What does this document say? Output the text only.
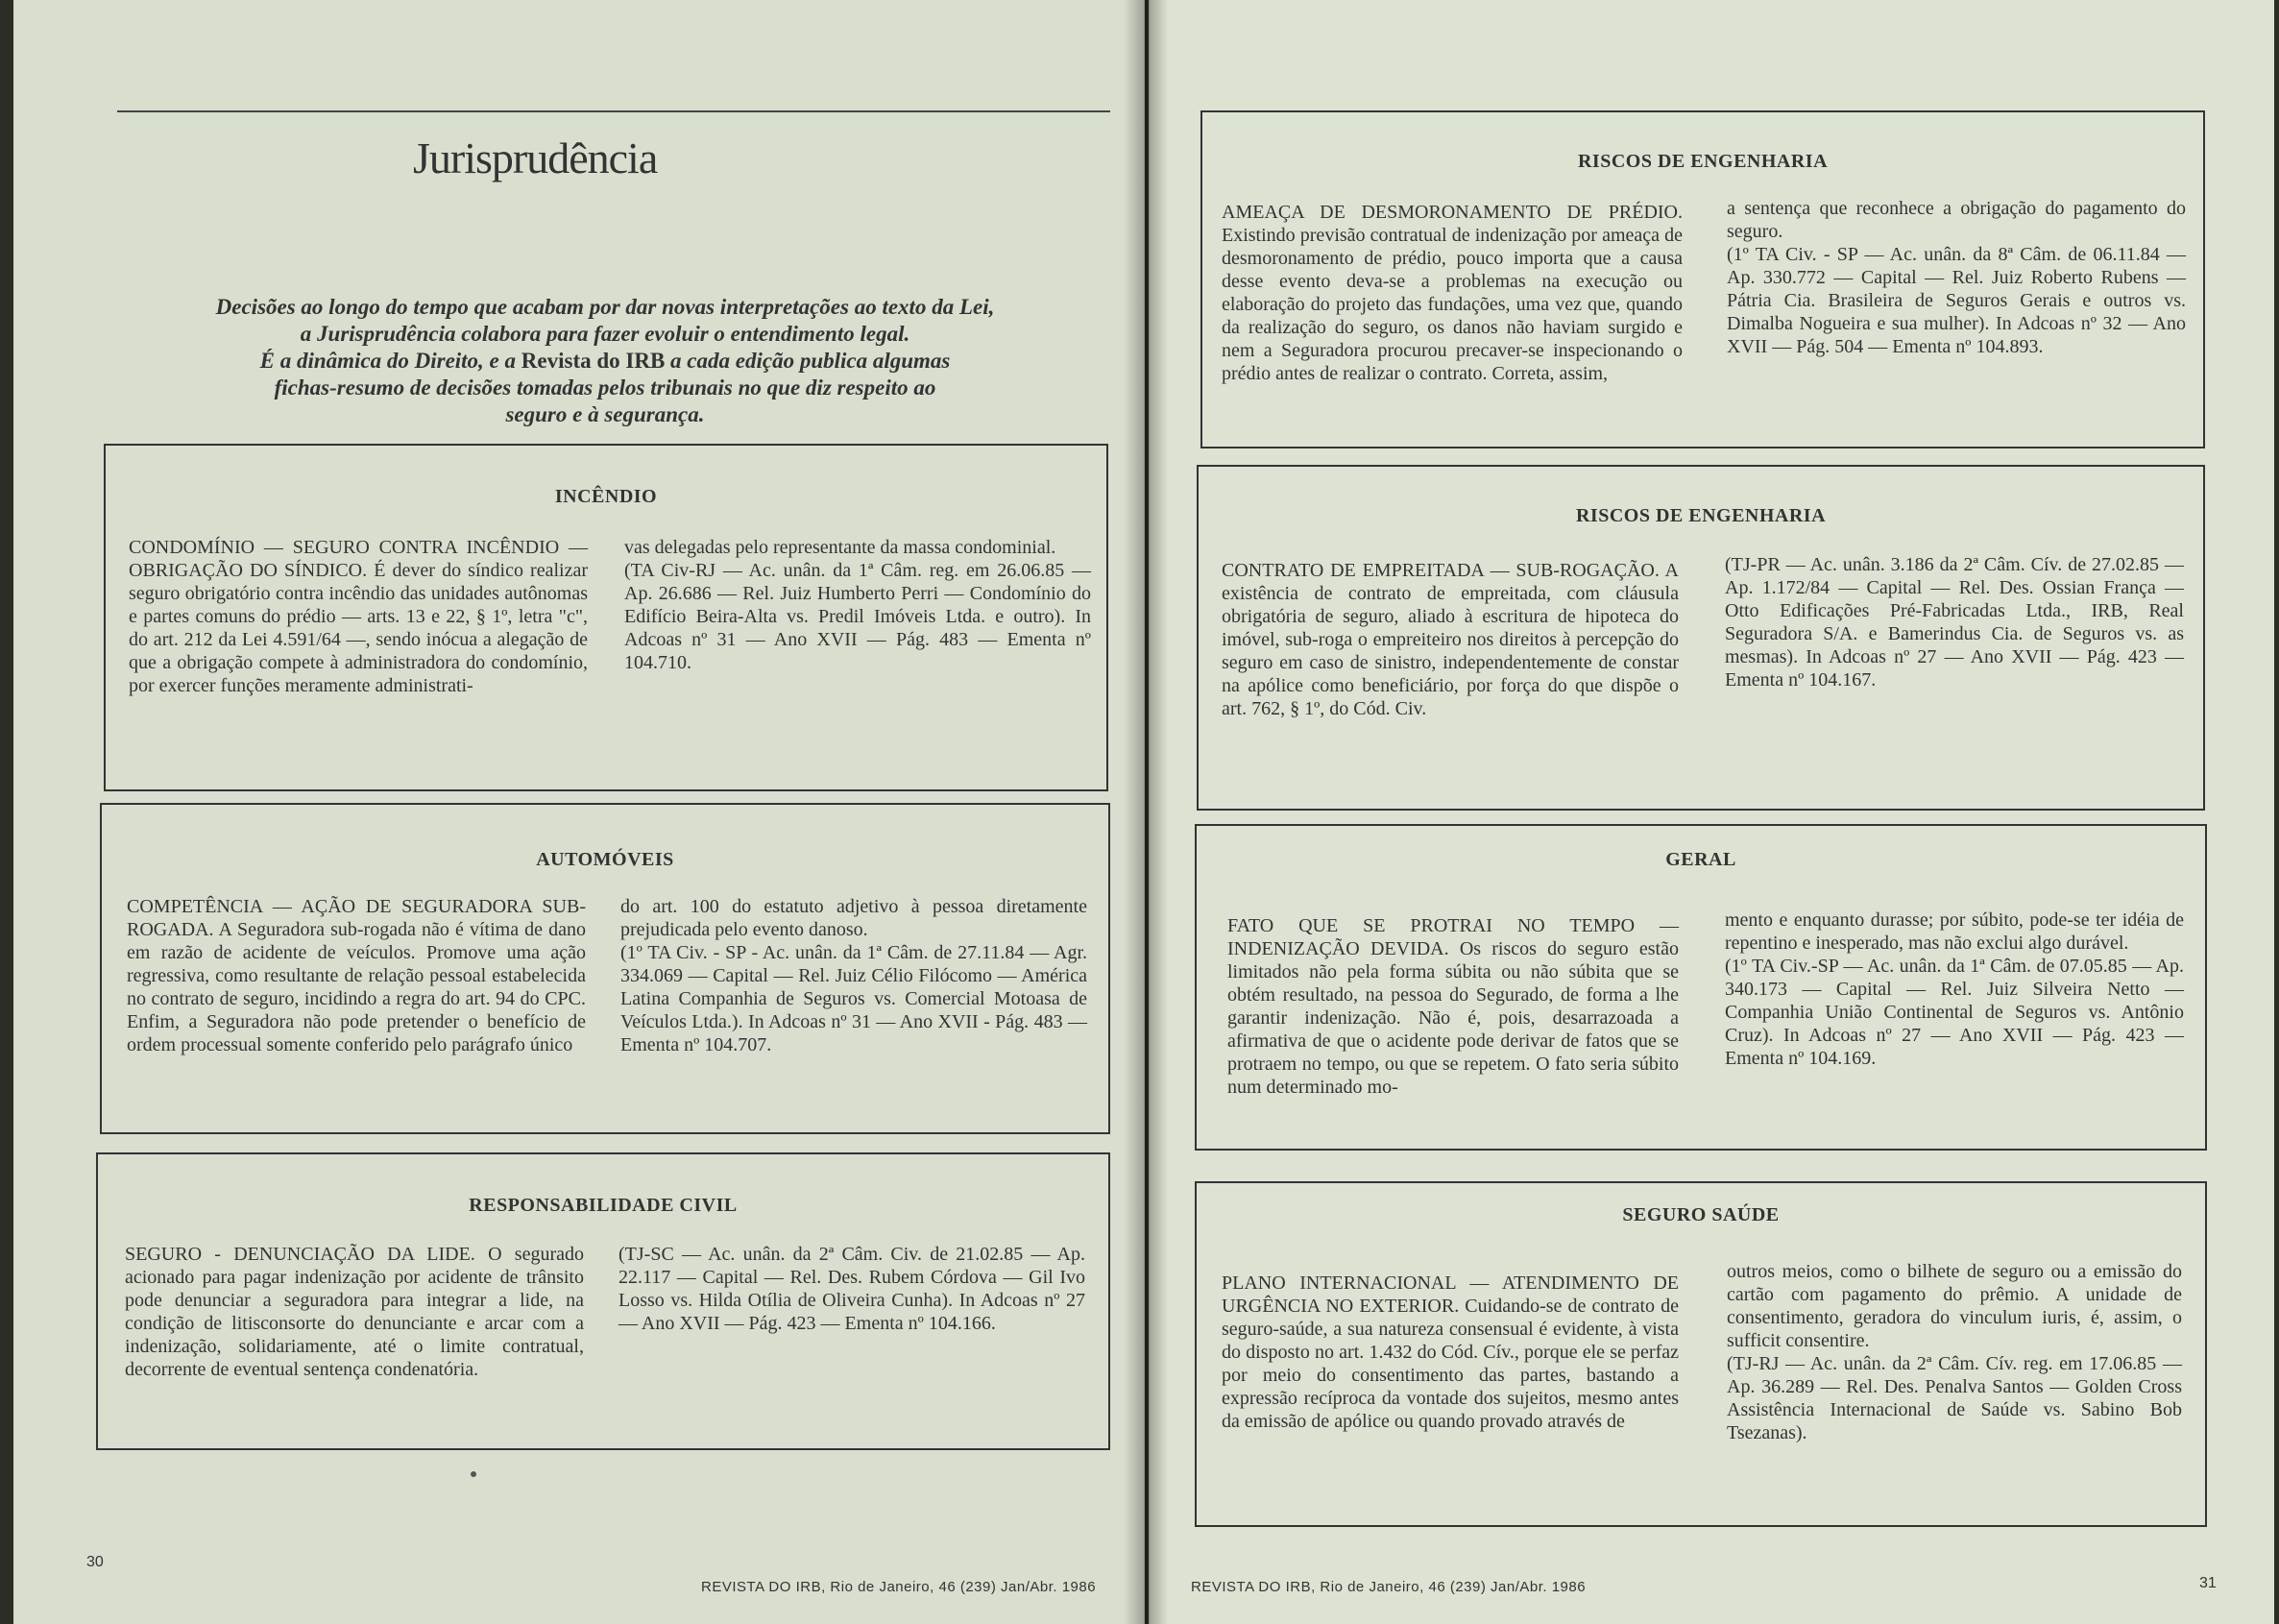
Jurisprudência
Decisões ao longo do tempo que acabam por dar novas interpretações ao texto da Lei,
a Jurisprudência colabora para fazer evoluir o entendimento legal.
É a dinâmica do Direito, e a Revista do IRB a cada edição publica algumas
fichas-resumo de decisões tomadas pelos tribunais no que diz respeito ao
seguro e à segurança.
INCÊNDIO
CONDOMÍNIO — SEGURO CONTRA INCÊNDIO — OBRIGAÇÃO DO SÍNDICO. É dever do síndico realizar seguro obrigatório contra incêndio das unidades autônomas e partes comuns do prédio — arts. 13 e 22, § 1º, letra "c", do art. 212 da Lei 4.591/64 —, sendo inócua a alegação de que a obrigação compete à administradora do condomínio, por exercer funções meramente administrati-
vas delegadas pelo representante da massa condominial.
(TA Civ-RJ — Ac. unân. da 1ª Câm. reg. em 26.06.85 — Ap. 26.686 — Rel. Juiz Humberto Perri — Condomínio do Edifício Beira-Alta vs. Predil Imóveis Ltda. e outro). In Adcoas nº 31 — Ano XVII — Pág. 483 — Ementa nº 104.710.
AUTOMÓVEIS
COMPETÊNCIA — AÇÃO DE SEGURADORA SUB-ROGADA. A Seguradora sub-rogada não é vítima de dano em razão de acidente de veículos. Promove uma ação regressiva, como resultante de relação pessoal estabelecida no contrato de seguro, incidindo a regra do art. 94 do CPC. Enfim, a Seguradora não pode pretender o benefício de ordem processual somente conferido pelo parágrafo único
do art. 100 do estatuto adjetivo à pessoa diretamente prejudicada pelo evento danoso.
(1º TA Civ. - SP - Ac. unân. da 1ª Câm. de 27.11.84 — Agr. 334.069 — Capital — Rel. Juiz Célio Filócomo — América Latina Companhia de Seguros vs. Comercial Motoasa de Veículos Ltda.). In Adcoas nº 31 — Ano XVII - Pág. 483 — Ementa nº 104.707.
RESPONSABILIDADE CIVIL
SEGURO - DENUNCIAÇÃO DA LIDE. O segurado acionado para pagar indenização por acidente de trânsito pode denunciar a seguradora para integrar a lide, na condição de litisconsorte do denunciante e arcar com a indenização, solidariamente, até o limite contratual, decorrente de eventual sentença condenatória.
(TJ-SC — Ac. unân. da 2ª Câm. Civ. de 21.02.85 — Ap. 22.117 — Capital — Rel. Des. Rubem Córdova — Gil Ivo Losso vs. Hilda Otília de Oliveira Cunha). In Adcoas nº 27 — Ano XVII — Pág. 423 — Ementa nº 104.166.
30
REVISTA DO IRB, Rio de Janeiro, 46 (239) Jan/Abr. 1986
RISCOS DE ENGENHARIA
AMEAÇA DE DESMORONAMENTO DE PRÉDIO. Existindo previsão contratual de indenização por ameaça de desmoronamento de prédio, pouco importa que a causa desse evento deva-se a problemas na execução ou elaboração do projeto das fundações, uma vez que, quando da realização do seguro, os danos não haviam surgido e nem a Seguradora procurou precaver-se inspecionando o prédio antes de realizar o contrato. Correta, assim,
a sentença que reconhece a obrigação do pagamento do seguro.
(1º TA Civ. - SP — Ac. unân. da 8ª Câm. de 06.11.84 — Ap. 330.772 — Capital — Rel. Juiz Roberto Rubens — Pátria Cia. Brasileira de Seguros Gerais e outros vs. Dimalba Nogueira e sua mulher). In Adcoas nº 32 — Ano XVII — Pág. 504 — Ementa nº 104.893.
RISCOS DE ENGENHARIA
CONTRATO DE EMPREITADA — SUB-ROGAÇÃO. A existência de contrato de empreitada, com cláusula obrigatória de seguro, aliado à escritura de hipoteca do imóvel, sub-roga o empreiteiro nos direitos à percepção do seguro em caso de sinistro, independentemente de constar na apólice como beneficiário, por força do que dispõe o art. 762, § 1º, do Cód. Civ.
(TJ-PR — Ac. unân. 3.186 da 2ª Câm. Cív. de 27.02.85 — Ap. 1.172/84 — Capital — Rel. Des. Ossian França — Otto Edificações Pré-Fabricadas Ltda., IRB, Real Seguradora S/A. e Bamerindus Cia. de Seguros vs. as mesmas). In Adcoas nº 27 — Ano XVII — Pág. 423 — Ementa nº 104.167.
GERAL
FATO QUE SE PROTRAI NO TEMPO — INDENIZAÇÃO DEVIDA. Os riscos do seguro estão limitados não pela forma súbita ou não súbita que se obtém resultado, na pessoa do Segurado, de forma a lhe garantir indenização. Não é, pois, desarrazoada a afirmativa de que o acidente pode derivar de fatos que se protraem no tempo, ou que se repetem. O fato seria súbito num determinado mo-
mento e enquanto durasse; por súbito, pode-se ter idéia de repentino e inesperado, mas não exclui algo durável.
(1º TA Civ.-SP — Ac. unân. da 1ª Câm. de 07.05.85 — Ap. 340.173 — Capital — Rel. Juiz Silveira Netto — Companhia União Continental de Seguros vs. Antônio Cruz). In Adcoas nº 27 — Ano XVII — Pág. 423 — Ementa nº 104.169.
SEGURO SAÚDE
PLANO INTERNACIONAL — ATENDIMENTO DE URGÊNCIA NO EXTERIOR. Cuidando-se de contrato de seguro-saúde, a sua natureza consensual é evidente, à vista do disposto no art. 1.432 do Cód. Cív., porque ele se perfaz por meio do consentimento das partes, bastando a expressão recíproca da vontade dos sujeitos, mesmo antes da emissão de apólice ou quando provado através de
outros meios, como o bilhete de seguro ou a emissão do cartão com pagamento do prêmio. A unidade de consentimento, geradora do vinculum iuris, é, assim, o sufficit consentire.
(TJ-RJ — Ac. unân. da 2ª Câm. Cív. reg. em 17.06.85 — Ap. 36.289 — Rel. Des. Penalva Santos — Golden Cross Assistência Internacional de Saúde vs. Sabino Bob Tsezanas).
REVISTA DO IRB, Rio de Janeiro, 46 (239) Jan/Abr. 1986	31
